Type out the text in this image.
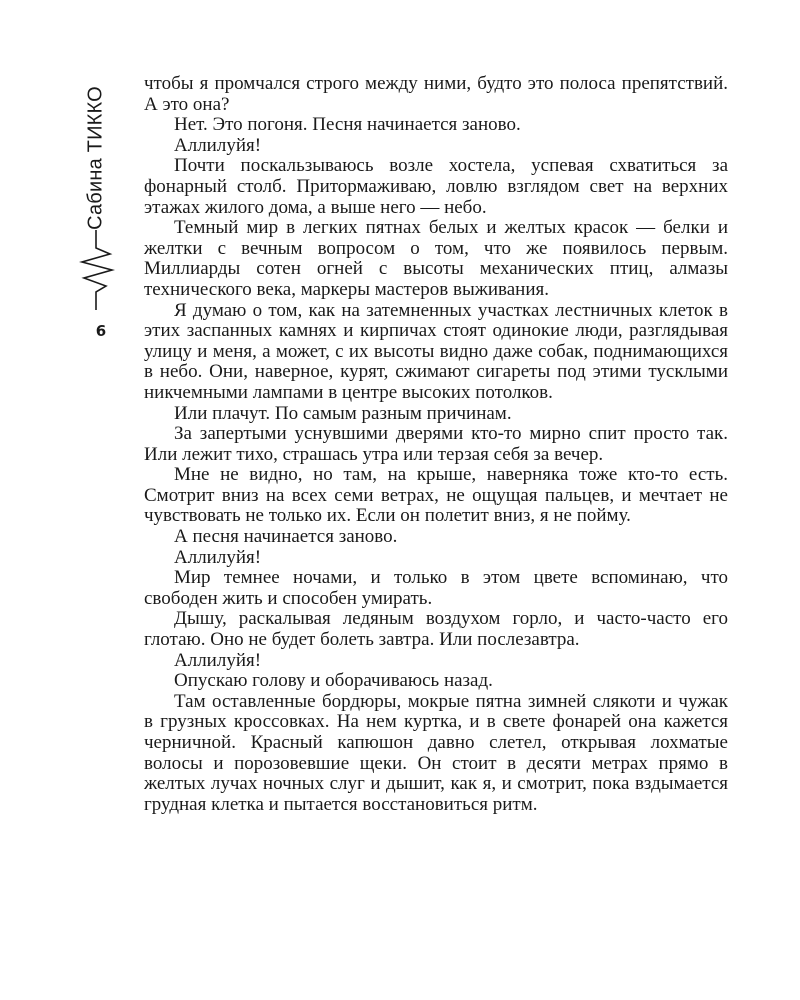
Сабина ТИККО
6

чтобы я промчался строго между ними, будто это полоса препятствий. А это она?

Нет. Это погоня. Песня начинается заново.

Аллилуйя!

Почти поскальзываюсь возле хостела, успевая схватиться за фонарный столб. Притормаживаю, ловлю взглядом свет на верхних этажах жилого дома, а выше него — небо.

Темный мир в легких пятнах белых и желтых красок — белки и желтки с вечным вопросом о том, что же появилось первым. Миллиарды сотен огней с высоты механических птиц, алмазы технического века, маркеры мастеров выживания.

Я думаю о том, как на затемненных участках лестничных клеток в этих заспанных камнях и кирпичах стоят одинокие люди, разглядывая улицу и меня, а может, с их высоты видно даже собак, поднимающихся в небо. Они, наверное, курят, сжимают сигареты под этими тусклыми никчемными лампами в центре высоких потолков.

Или плачут. По самым разным причинам.

За запертыми уснувшими дверями кто-то мирно спит просто так. Или лежит тихо, страшась утра или терзая себя за вечер.

Мне не видно, но там, на крыше, наверняка тоже кто-то есть. Смотрит вниз на всех семи ветрах, не ощущая пальцев, и мечтает не чувствовать не только их. Если он полетит вниз, я не пойму.

А песня начинается заново.

Аллилуйя!

Мир темнее ночами, и только в этом цвете вспоминаю, что свободен жить и способен умирать.

Дышу, раскалывая ледяным воздухом горло, и часто-часто его глотаю. Оно не будет болеть завтра. Или послезавтра.

Аллилуйя!

Опускаю голову и оборачиваюсь назад.

Там оставленные бордюры, мокрые пятна зимней слякоти и чужак в грузных кроссовках. На нем куртка, и в свете фонарей она кажется черничной. Красный капюшон давно слетел, открывая лохматые волосы и порозовевшие щеки. Он стоит в десяти метрах прямо в желтых лучах ночных слуг и дышит, как я, и смотрит, пока вздымается грудная клетка и пытается восстановиться ритм.
